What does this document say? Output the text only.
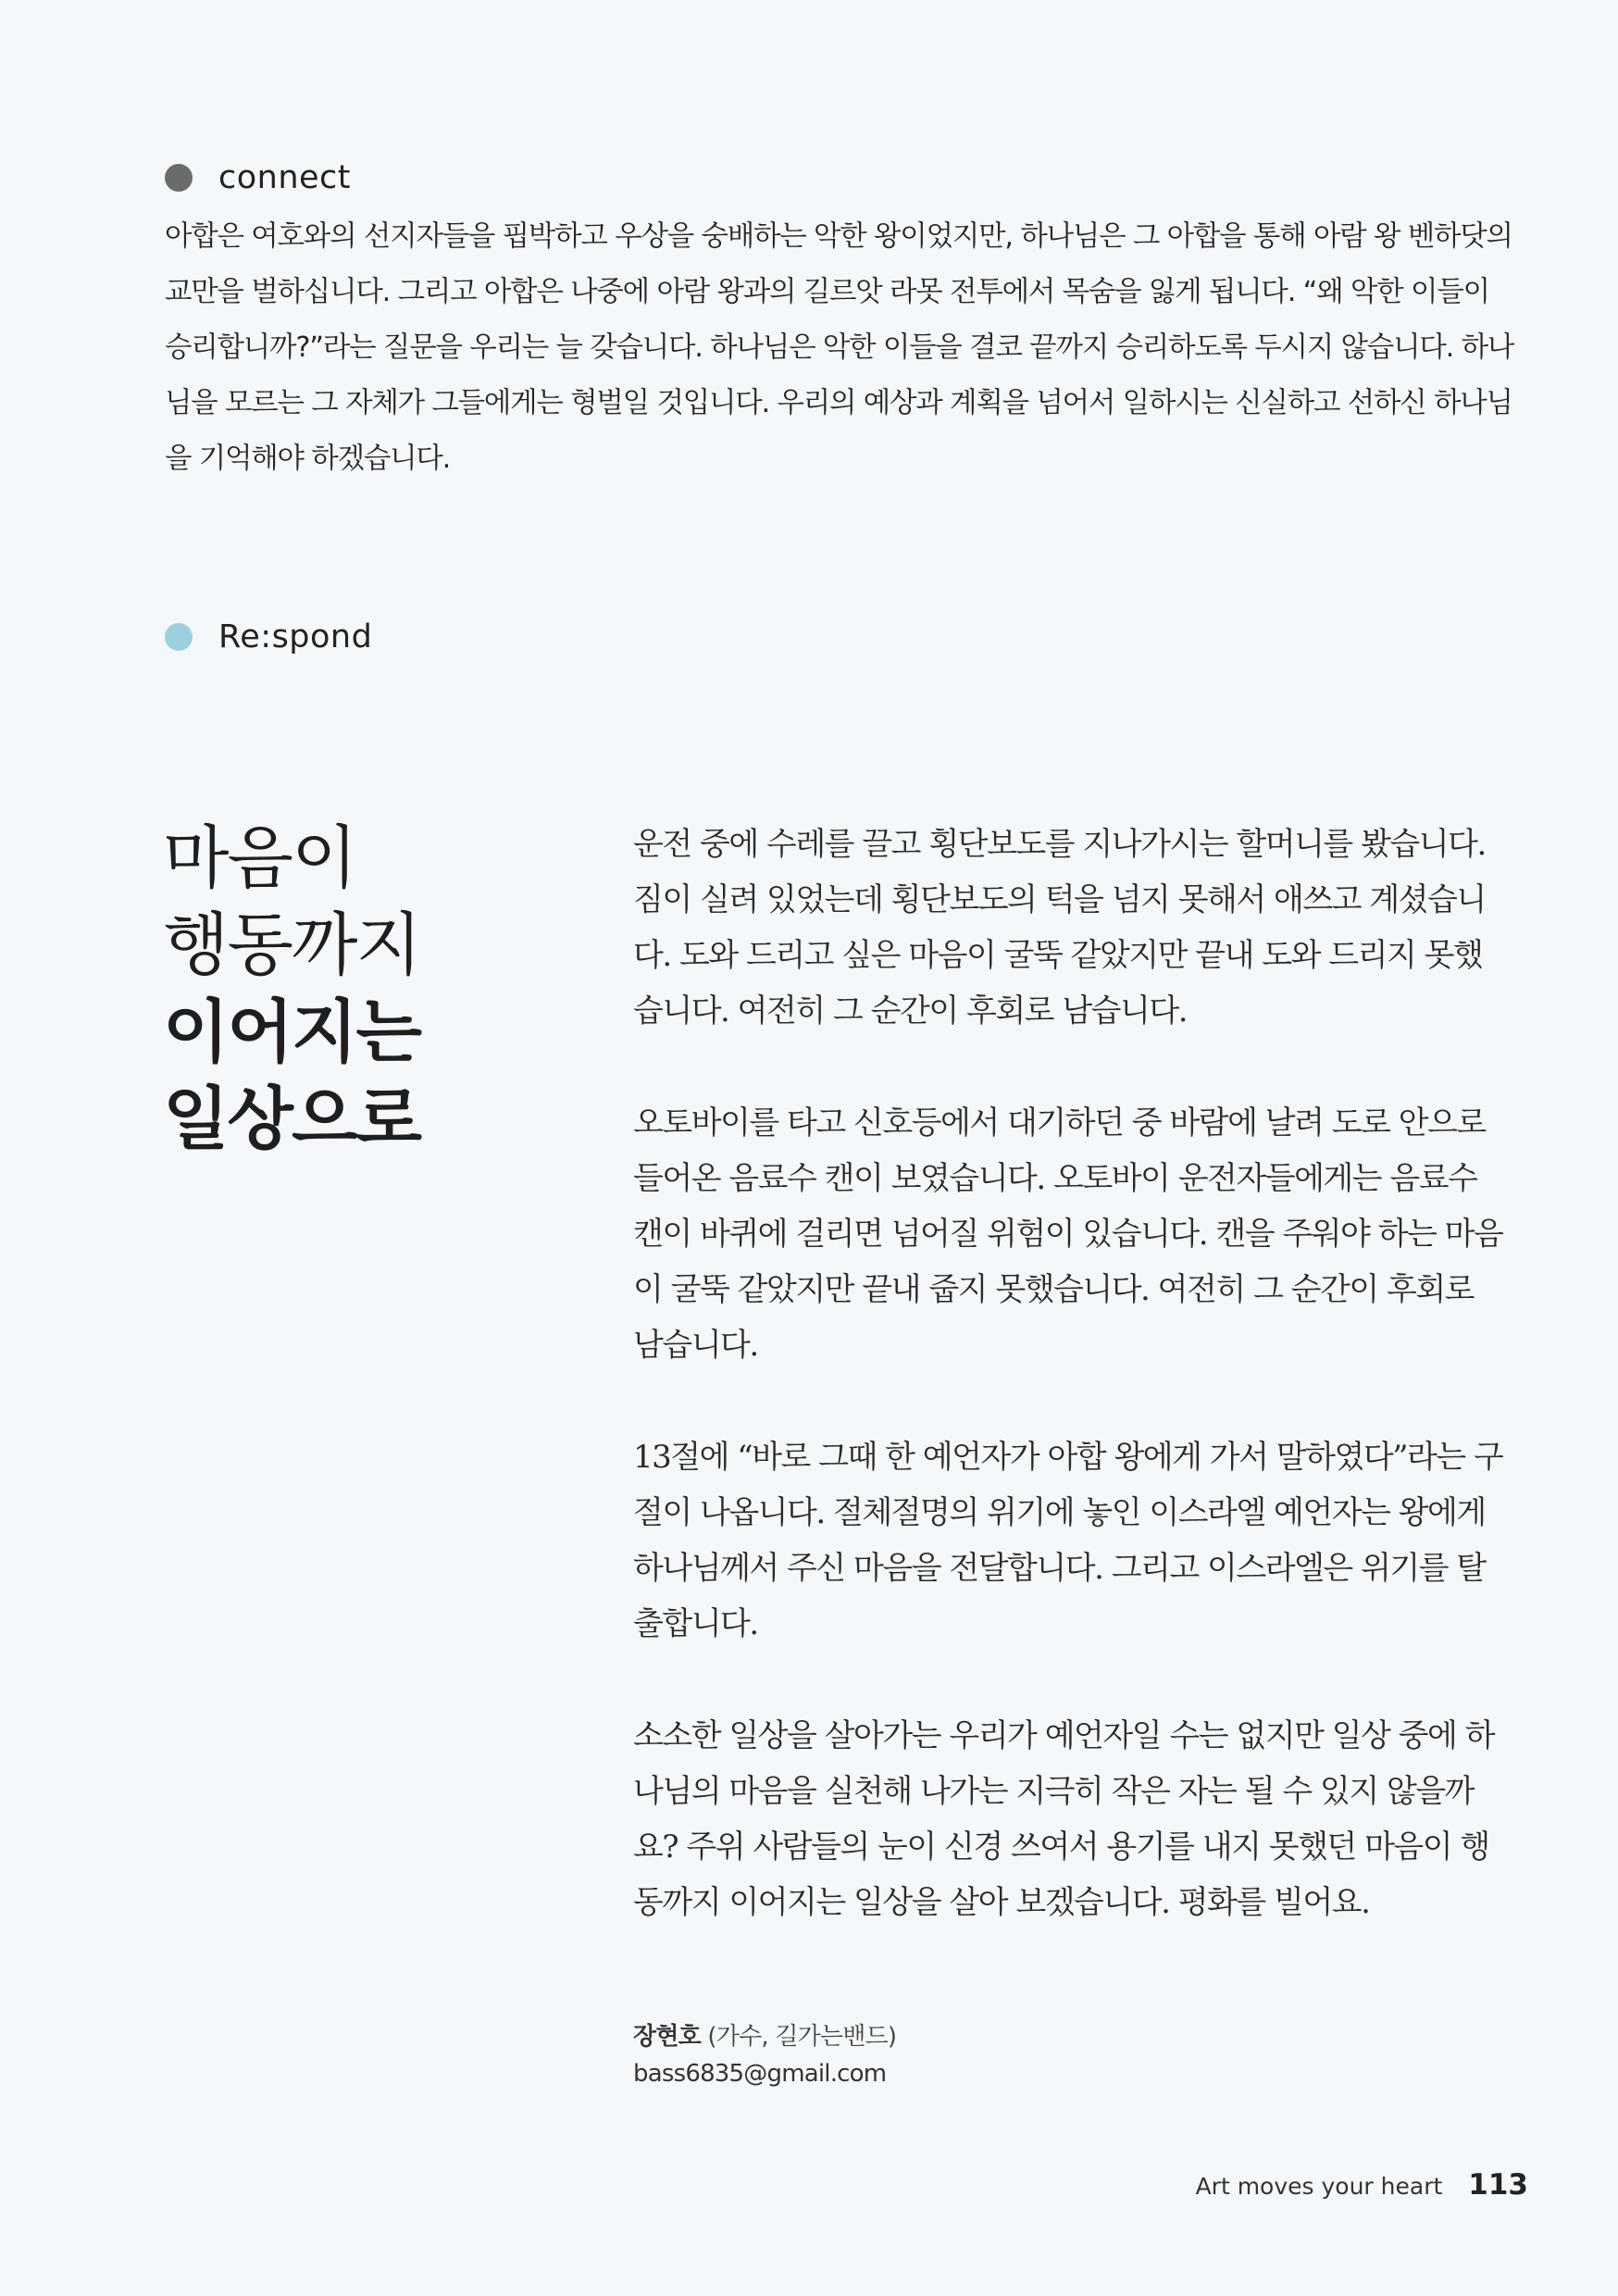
connect

아합은 여호와의 선지자들을 핍박하고 우상을 숭배하는 악한 왕이었지만, 하나님은 그 아합을 통해 아람 왕 벤하닷의 교만을 벌하십니다. 그리고 아합은 나중에 아람 왕과의 길르앗 라못 전투에서 목숨을 잃게 됩니다. “왜 악한 이들이 승리합니까?”라는 질문을 우리는 늘 갖습니다. 하나님은 악한 이들을 결코 끝까지 승리하도록 두시지 않습니다. 하나님을 모르는 그 자체가 그들에게는 형벌일 것입니다. 우리의 예상과 계획을 넘어서 일하시는 신실하고 선하신 하나님을 기억해야 하겠습니다.

Re:spond
마음이
행동까지
이어지는
일상으로

운전 중에 수레를 끌고 횡단보도를 지나가시는 할머니를 봤습니다. 짐이 실려 있었는데 횡단보도의 턱을 넘지 못해서 애쓰고 계셨습니다. 도와 드리고 싶은 마음이 굴뚝 같았지만 끝내 도와 드리지 못했습니다. 여전히 그 순간이 후회로 남습니다.

오토바이를 타고 신호등에서 대기하던 중 바람에 날려 도로 안으로 들어온 음료수 캔이 보였습니다. 오토바이 운전자들에게는 음료수 캔이 바퀴에 걸리면 넘어질 위험이 있습니다. 캔을 주워야 하는 마음이 굴뚝 같았지만 끝내 줍지 못했습니다. 여전히 그 순간이 후회로 남습니다.

13절에 “바로 그때 한 예언자가 아합 왕에게 가서 말하였다”라는 구절이 나옵니다. 절체절명의 위기에 놓인 이스라엘 예언자는 왕에게 하나님께서 주신 마음을 전달합니다. 그리고 이스라엘은 위기를 탈출합니다.

소소한 일상을 살아가는 우리가 예언자일 수는 없지만 일상 중에 하나님의 마음을 실천해 나가는 지극히 작은 자는 될 수 있지 않을까요? 주위 사람들의 눈이 신경 쓰여서 용기를 내지 못했던 마음이 행동까지 이어지는 일상을 살아 보겠습니다. 평화를 빌어요.

장현호 (가수, 길가는밴드)
bass6835@gmail.com
Art moves your heart 113
